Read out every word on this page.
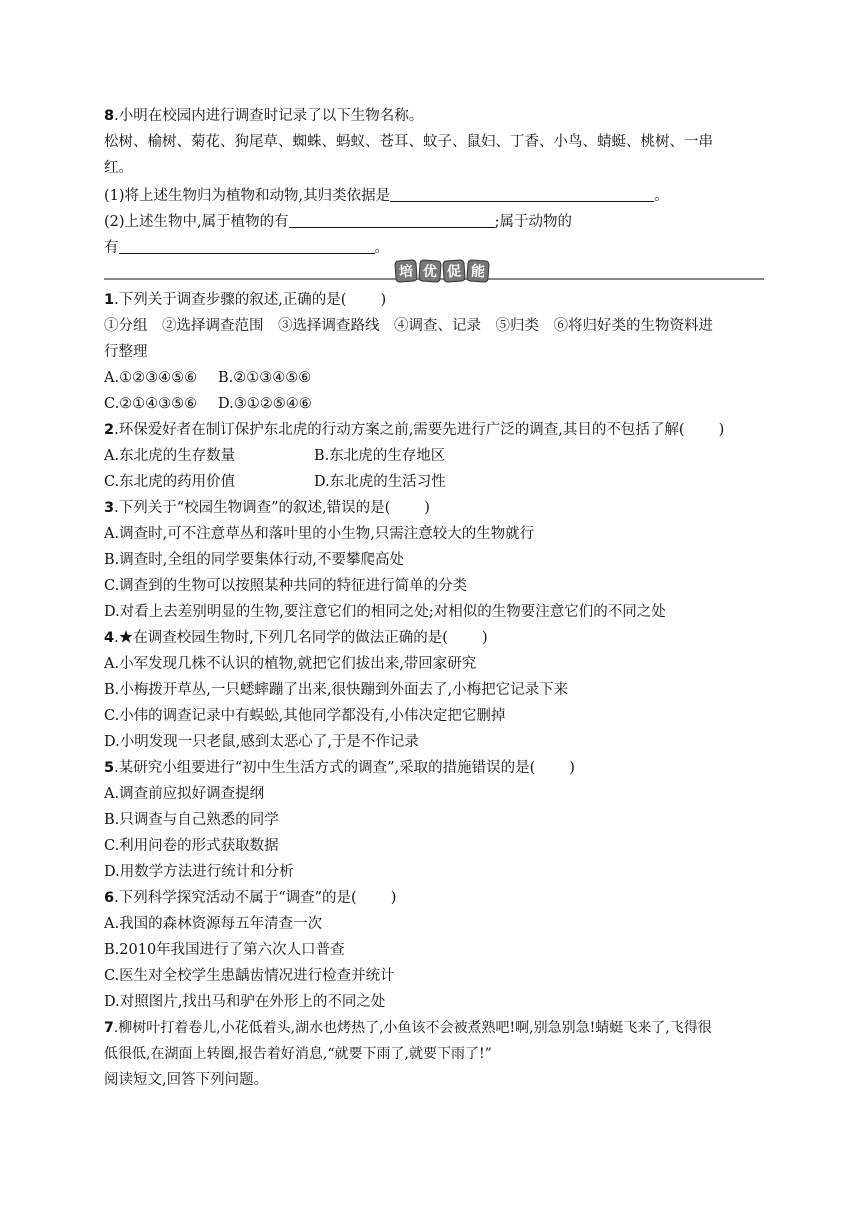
8.小明在校园内进行调查时记录了以下生物名称。
松树、榆树、菊花、狗尾草、蜘蛛、蚂蚁、苍耳、蚊子、鼠妇、丁香、小鸟、蜻蜓、桃树、一串
红。
(1)将上述生物归为植物和动物,其归类依据是	。
(2)上述生物中,属于植物的有	;属于动物的
有	。
培 优 促 能
1.下列关于调查步骤的叙述,正确的是( )
①分组　②选择调查范围　③选择调查路线　④调查、记录　⑤归类　⑥将归好类的生物资料进
行整理
A.①②③④⑤⑥ B.②①③④⑤⑥
C.②①④③⑤⑥ D.③①②⑤④⑥
2.环保爱好者在制订保护东北虎的行动方案之前,需要先进行广泛的调查,其目的不包括了解( )
A.东北虎的生存数量	B.东北虎的生存地区
C.东北虎的药用价值	D.东北虎的生活习性
3.下列关于“校园生物调查”的叙述,错误的是( )
A.调查时,可不注意草丛和落叶里的小生物,只需注意较大的生物就行
B.调查时,全组的同学要集体行动,不要攀爬高处
C.调查到的生物可以按照某种共同的特征进行简单的分类
D.对看上去差别明显的生物,要注意它们的相同之处;对相似的生物要注意它们的不同之处
4.★在调查校园生物时,下列几名同学的做法正确的是( )
A.小军发现几株不认识的植物,就把它们拔出来,带回家研究
B.小梅拨开草丛,一只蟋蟀蹦了出来,很快蹦到外面去了,小梅把它记录下来
C.小伟的调查记录中有蜈蚣,其他同学都没有,小伟决定把它删掉
D.小明发现一只老鼠,感到太恶心了,于是不作记录
5.某研究小组要进行“初中生生活方式的调查”,采取的措施错误的是( )
A.调查前应拟好调查提纲
B.只调查与自己熟悉的同学
C.利用问卷的形式获取数据
D.用数学方法进行统计和分析
6.下列科学探究活动不属于“调查”的是( )
A.我国的森林资源每五年清查一次
B.2010年我国进行了第六次人口普查
C.医生对全校学生患龋齿情况进行检查并统计
D.对照图片,找出马和驴在外形上的不同之处
7.柳树叶打着卷儿,小花低着头,湖水也烤热了,小鱼该不会被煮熟吧!啊,别急别急!蜻蜓飞来了,飞得很
低很低,在湖面上转圈,报告着好消息,“就要下雨了,就要下雨了!”
阅读短文,回答下列问题。
